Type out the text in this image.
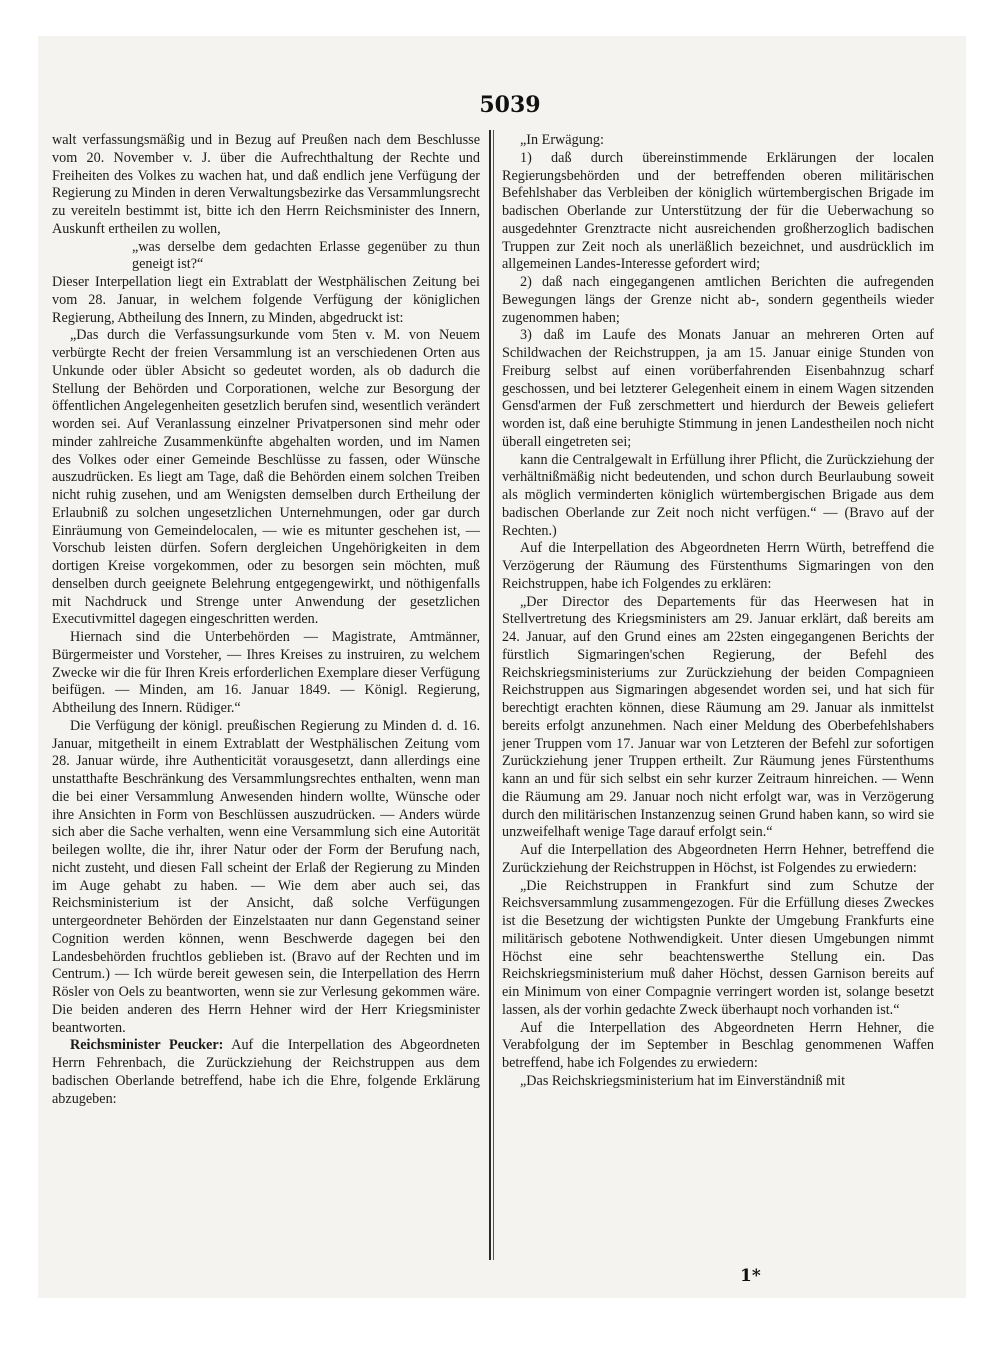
5039

walt verfassungsmäßig und in Bezug auf Preußen nach dem Beschlusse vom 20. November v. J. über die Aufrechthaltung der Rechte und Freiheiten des Volkes zu wachen hat, und daß endlich jene Verfügung der Regierung zu Minden in deren Verwaltungsbezirke das Versammlungsrecht zu vereiteln bestimmt ist, bitte ich den Herrn Reichsminister des Innern, Auskunft ertheilen zu wollen,

„was derselbe dem gedachten Erlasse gegenüber zu thun geneigt ist?“

Dieser Interpellation liegt ein Extrablatt der Westphälischen Zeitung bei vom 28. Januar, in welchem folgende Verfügung der königlichen Regierung, Abtheilung des Innern, zu Minden, abgedruckt ist:

„Das durch die Verfassungsurkunde vom 5ten v. M. von Neuem verbürgte Recht der freien Versammlung ist an verschiedenen Orten aus Unkunde oder übler Absicht so gedeutet worden, als ob dadurch die Stellung der Behörden und Corporationen, welche zur Besorgung der öffentlichen Angelegenheiten gesetzlich berufen sind, wesentlich verändert worden sei. Auf Veranlassung einzelner Privatpersonen sind mehr oder minder zahlreiche Zusammenkünfte abgehalten worden, und im Namen des Volkes oder einer Gemeinde Beschlüsse zu fassen, oder Wünsche auszudrücken. Es liegt am Tage, daß die Behörden einem solchen Treiben nicht ruhig zusehen, und am Wenigsten demselben durch Ertheilung der Erlaubniß zu solchen ungesetzlichen Unternehmungen, oder gar durch Einräumung von Gemeindelocalen, — wie es mitunter geschehen ist, — Vorschub leisten dürfen. Sofern dergleichen Ungehörigkeiten in dem dortigen Kreise vorgekommen, oder zu besorgen sein möchten, muß denselben durch geeignete Belehrung entgegengewirkt, und nöthigenfalls mit Nachdruck und Strenge unter Anwendung der gesetzlichen Executivmittel dagegen eingeschritten werden.

Hiernach sind die Unterbehörden — Magistrate, Amtmänner, Bürgermeister und Vorsteher, — Ihres Kreises zu instruiren, zu welchem Zwecke wir die für Ihren Kreis erforderlichen Exemplare dieser Verfügung beifügen. — Minden, am 16. Januar 1849. — Königl. Regierung, Abtheilung des Innern. Rüdiger.“

Die Verfügung der königl. preußischen Regierung zu Minden d. d. 16. Januar, mitgetheilt in einem Extrablatt der Westphälischen Zeitung vom 28. Januar würde, ihre Authenticität vorausgesetzt, dann allerdings eine unstatthafte Beschränkung des Versammlungsrechtes enthalten, wenn man die bei einer Versammlung Anwesenden hindern wollte, Wünsche oder ihre Ansichten in Form von Beschlüssen auszudrücken. — Anders würde sich aber die Sache verhalten, wenn eine Versammlung sich eine Autorität beilegen wollte, die ihr, ihrer Natur oder der Form der Berufung nach, nicht zusteht, und diesen Fall scheint der Erlaß der Regierung zu Minden im Auge gehabt zu haben. — Wie dem aber auch sei, das Reichsministerium ist der Ansicht, daß solche Verfügungen untergeordneter Behörden der Einzelstaaten nur dann Gegenstand seiner Cognition werden können, wenn Beschwerde dagegen bei den Landesbehörden fruchtlos geblieben ist. (Bravo auf der Rechten und im Centrum.) — Ich würde bereit gewesen sein, die Interpellation des Herrn Rösler von Oels zu beantworten, wenn sie zur Verlesung gekommen wäre. Die beiden anderen des Herrn Hehner wird der Herr Kriegsminister beantworten.

Reichsminister Peucker: Auf die Interpellation des Abgeordneten Herrn Fehrenbach, die Zurückziehung der Reichstruppen aus dem badischen Oberlande betreffend, habe ich die Ehre, folgende Erklärung abzugeben:

„In Erwägung:

1) daß durch übereinstimmende Erklärungen der localen Regierungsbehörden und der betreffenden oberen militärischen Befehlshaber das Verbleiben der königlich würtembergischen Brigade im badischen Oberlande zur Unterstützung der für die Ueberwachung so ausgedehnter Grenztracte nicht ausreichenden großherzoglich badischen Truppen zur Zeit noch als unerläßlich bezeichnet, und ausdrücklich im allgemeinen Landes-Interesse gefordert wird;

2) daß nach eingegangenen amtlichen Berichten die aufregenden Bewegungen längs der Grenze nicht ab-, sondern gegentheils wieder zugenommen haben;

3) daß im Laufe des Monats Januar an mehreren Orten auf Schildwachen der Reichstruppen, ja am 15. Januar einige Stunden von Freiburg selbst auf einen vorüberfahrenden Eisenbahnzug scharf geschossen, und bei letzterer Gelegenheit einem in einem Wagen sitzenden Gensd'armen der Fuß zerschmettert und hierdurch der Beweis geliefert worden ist, daß eine beruhigte Stimmung in jenen Landestheilen noch nicht überall eingetreten sei;

kann die Centralgewalt in Erfüllung ihrer Pflicht, die Zurückziehung der verhältnißmäßig nicht bedeutenden, und schon durch Beurlaubung soweit als möglich verminderten königlich würtembergischen Brigade aus dem badischen Oberlande zur Zeit noch nicht verfügen.“ — (Bravo auf der Rechten.)

Auf die Interpellation des Abgeordneten Herrn Würth, betreffend die Verzögerung der Räumung des Fürstenthums Sigmaringen von den Reichstruppen, habe ich Folgendes zu erklären:

„Der Director des Departements für das Heerwesen hat in Stellvertretung des Kriegsministers am 29. Januar erklärt, daß bereits am 24. Januar, auf den Grund eines am 22sten eingegangenen Berichts der fürstlich Sigmaringen'schen Regierung, der Befehl des Reichskriegsministeriums zur Zurückziehung der beiden Compagnieen Reichstruppen aus Sigmaringen abgesendet worden sei, und hat sich für berechtigt erachten können, diese Räumung am 29. Januar als inmittelst bereits erfolgt anzunehmen. Nach einer Meldung des Oberbefehlshabers jener Truppen vom 17. Januar war von Letzteren der Befehl zur sofortigen Zurückziehung jener Truppen ertheilt. Zur Räumung jenes Fürstenthums kann an und für sich selbst ein sehr kurzer Zeitraum hinreichen. — Wenn die Räumung am 29. Januar noch nicht erfolgt war, was in Verzögerung durch den militärischen Instanzenzug seinen Grund haben kann, so wird sie unzweifelhaft wenige Tage darauf erfolgt sein.“

Auf die Interpellation des Abgeordneten Herrn Hehner, betreffend die Zurückziehung der Reichstruppen in Höchst, ist Folgendes zu erwiedern:

„Die Reichstruppen in Frankfurt sind zum Schutze der Reichsversammlung zusammengezogen. Für die Erfüllung dieses Zweckes ist die Besetzung der wichtigsten Punkte der Umgebung Frankfurts eine militärisch gebotene Nothwendigkeit. Unter diesen Umgebungen nimmt Höchst eine sehr beachtenswerthe Stellung ein. Das Reichskriegsministerium muß daher Höchst, dessen Garnison bereits auf ein Minimum von einer Compagnie verringert worden ist, solange besetzt lassen, als der vorhin gedachte Zweck überhaupt noch vorhanden ist.“

Auf die Interpellation des Abgeordneten Herrn Hehner, die Verabfolgung der im September in Beschlag genommenen Waffen betreffend, habe ich Folgendes zu erwiedern:

„Das Reichskriegsministerium hat im Einverständniß mit

1*
